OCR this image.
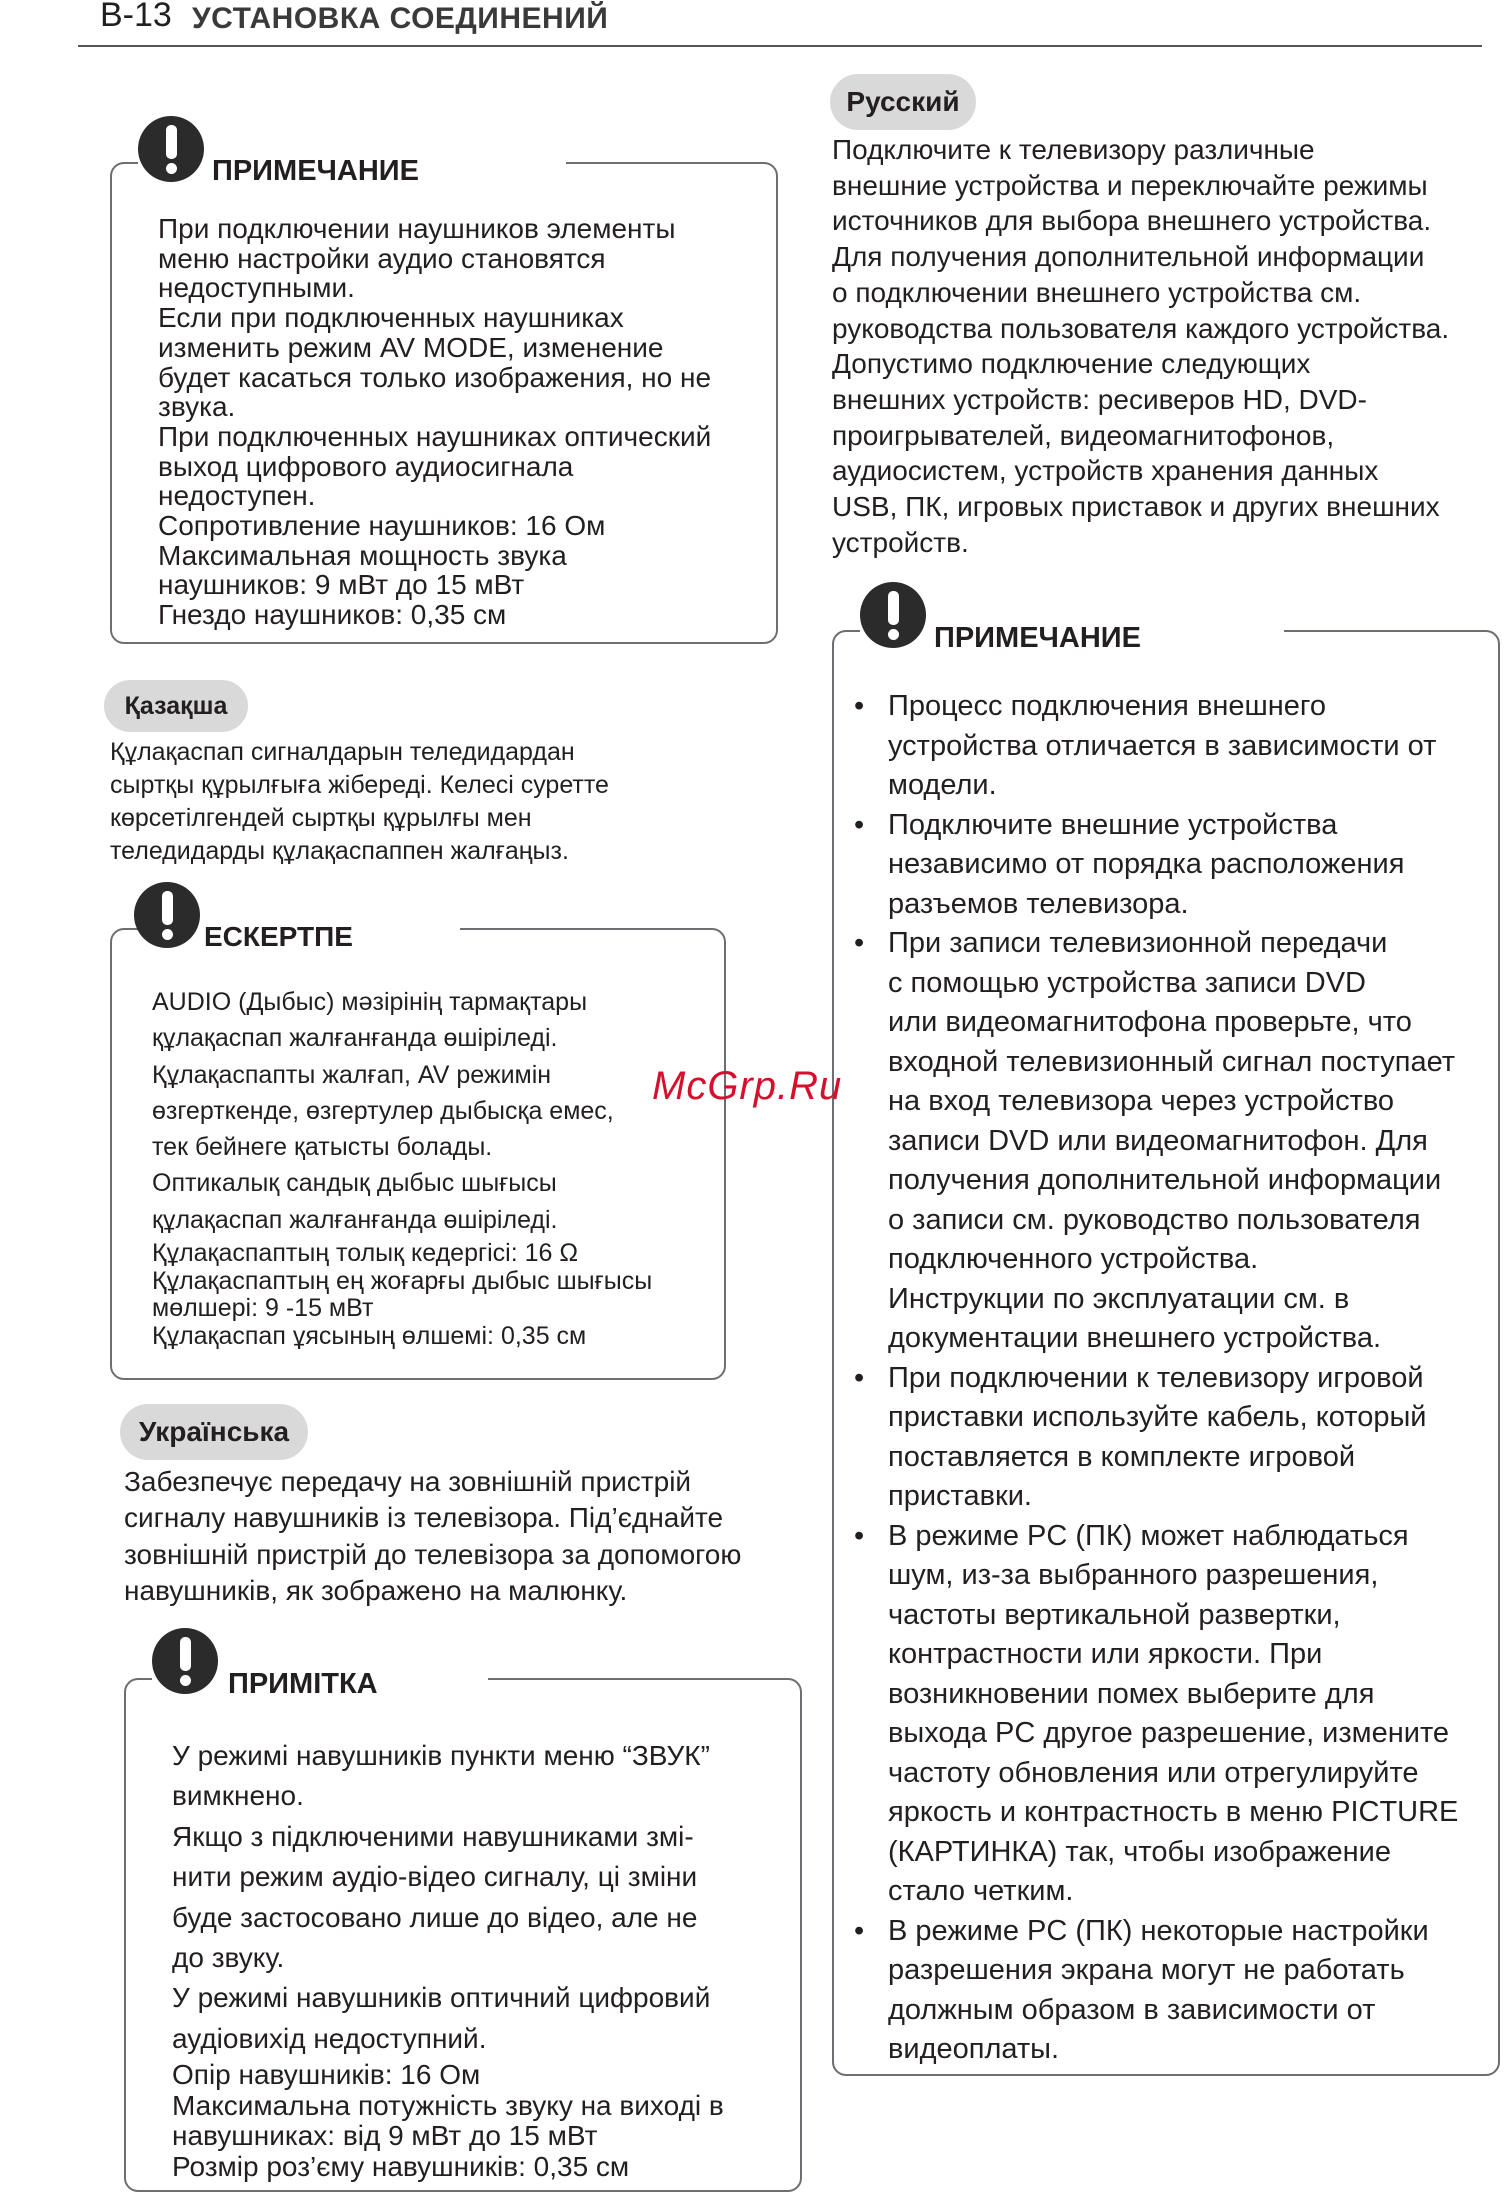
B-13 УСТАНОВКА СОЕДИНЕНИЙ
ПРИМЕЧАНИЕ
При подключении наушников элементы
меню настройки аудио становятся
недоступными.
Если при подключенных наушниках
изменить режим AV MODE, изменение
будет касаться только изображения, но не
звука.
При подключенных наушниках оптический
выход цифрового аудиосигнала
недоступен.
Сопротивление наушников: 16 Ом
Максимальная мощность звука
наушников: 9 мВт до 15 мВт
Гнездо наушников: 0,35 см
Қазақша
Құлақаспап сигналдарын теледидардан
сыртқы құрылғыға жібереді. Келесі суретте
көрсетілгендей сыртқы құрылғы мен
теледидарды құлақаспаппен жалғаңыз.
ЕСКЕРТПЕ
AUDIO (Дыбыс) мәзірінің тармақтары
құлақаспап жалғанғанда өшіріледі.
Құлақаспапты жалғап, AV режимін
өзгерткенде, өзгертулер дыбысқа емес,
тек бейнеге қатысты болады.
Оптикалық сандық дыбыс шығысы
құлақаспап жалғанғанда өшіріледі.
Құлақаспаптың толық кедергісі: 16 Ω
Құлақаспаптың ең жоғарғы дыбыс шығысы
мөлшері: 9 -15 мВт
Құлақаспап ұясының өлшемі: 0,35 см
Українська
Забезпечує передачу на зовнішній пристрій
сигналу навушників із телевізора. Під’єднайте
зовнішній пристрій до телевізора за допомогою
навушників, як зображено на малюнку.
ПРИМІТКА
У режимі навушників пункти меню “ЗВУК”
вимкнено.
Якщо з підключеними навушниками змі-
нити режим аудіо-відео сигналу, ці зміни
буде застосовано лише до відео, але не
до звуку.
У режимі навушників оптичний цифровий
аудіовихід недоступний.
Опір навушників: 16 Ом
Максимальна потужність звуку на виході в
навушниках: від 9 мВт до 15 мВт
Розмір роз’єму навушників: 0,35 см
Русский
Подключите к телевизору различные
внешние устройства и переключайте режимы
источников для выбора внешнего устройства.
Для получения дополнительной информации
о подключении внешнего устройства см.
руководства пользователя каждого устройства.
Допустимо подключение следующих
внешних устройств: ресиверов HD, DVD-
проигрывателей, видеомагнитофонов,
аудиосистем, устройств хранения данных
USB, ПК, игровых приставок и других внешних
устройств.
ПРИМЕЧАНИЕ
• Процесс подключения внешнего
устройства отличается в зависимости от
модели.
• Подключите внешние устройства
независимо от порядка расположения
разъемов телевизора.
• При записи телевизионной передачи
с помощью устройства записи DVD
или видеомагнитофона проверьте, что
входной телевизионный сигнал поступает
на вход телевизора через устройство
записи DVD или видеомагнитофон. Для
получения дополнительной информации
о записи см. руководство пользователя
подключенного устройства.
Инструкции по эксплуатации см. в
документации внешнего устройства.
• При подключении к телевизору игровой
приставки используйте кабель, который
поставляется в комплекте игровой
приставки.
• В режиме PC (ПК) может наблюдаться
шум, из-за выбранного разрешения,
частоты вертикальной развертки,
контрастности или яркости. При
возникновении помех выберите для
выхода PC другое разрешение, измените
частоту обновления или отрегулируйте
яркость и контрастность в меню PICTURE
(КАРТИНКА) так, чтобы изображение
стало четким.
• В режиме PC (ПК) некоторые настройки
разрешения экрана могут не работать
должным образом в зависимости от
видеоплаты.
McGrp.Ru
